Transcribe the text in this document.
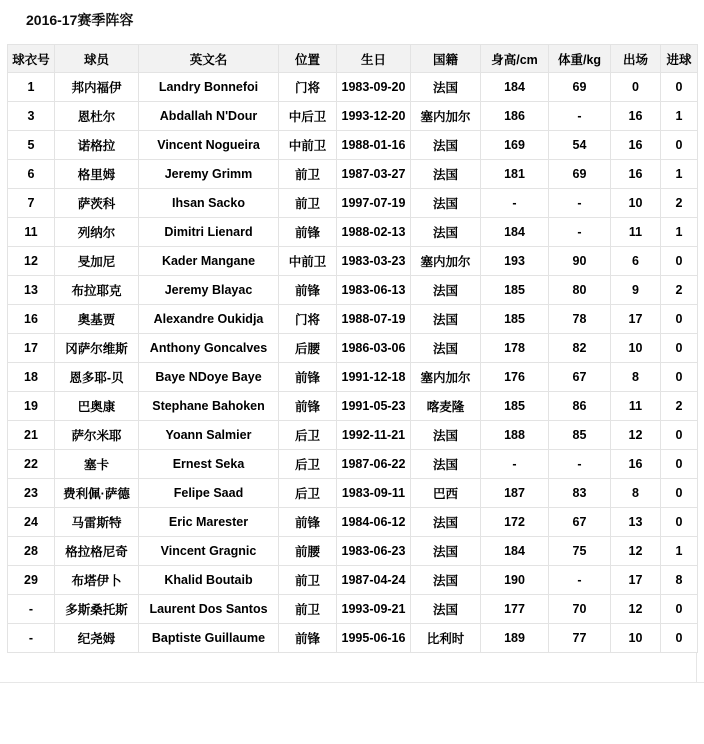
2016-17赛季阵容
球衣号	球员	英文名	位置	生日	国籍	身高/cm	体重/kg	出场	进球
1	邦内福伊	Landry Bonnefoi	门将	1983-09-20	法国	184	69	0	0
3	恩杜尔	Abdallah N'Dour	中后卫	1993-12-20	塞内加尔	186	-	16	1
5	诺格拉	Vincent Nogueira	中前卫	1988-01-16	法国	169	54	16	0
6	格里姆	Jeremy Grimm	前卫	1987-03-27	法国	181	69	16	1
7	萨茨科	Ihsan Sacko	前卫	1997-07-19	法国	-	-	10	2
11	列纳尔	Dimitri Lienard	前锋	1988-02-13	法国	184	-	11	1
12	旻加尼	Kader Mangane	中前卫	1983-03-23	塞内加尔	193	90	6	0
13	布拉耶克	Jeremy Blayac	前锋	1983-06-13	法国	185	80	9	2
16	奥基贾	Alexandre Oukidja	门将	1988-07-19	法国	185	78	17	0
17	冈萨尔维斯	Anthony Goncalves	后腰	1986-03-06	法国	178	82	10	0
18	恩多耶-贝	Baye NDoye Baye	前锋	1991-12-18	塞内加尔	176	67	8	0
19	巴奥康	Stephane Bahoken	前锋	1991-05-23	喀麦隆	185	86	11	2
21	萨尔米耶	Yoann Salmier	后卫	1992-11-21	法国	188	85	12	0
22	塞卡	Ernest Seka	后卫	1987-06-22	法国	-	-	16	0
23	费利佩·萨德	Felipe Saad	后卫	1983-09-11	巴西	187	83	8	0
24	马雷斯特	Eric Marester	前锋	1984-06-12	法国	172	67	13	0
28	格拉格尼奇	Vincent Gragnic	前腰	1983-06-23	法国	184	75	12	1
29	布塔伊卜	Khalid Boutaib	前卫	1987-04-24	法国	190	-	17	8
-	多斯桑托斯	Laurent Dos Santos	前卫	1993-09-21	法国	177	70	12	0
-	纪尧姆	Baptiste Guillaume	前锋	1995-06-16	比利时	189	77	10	0
